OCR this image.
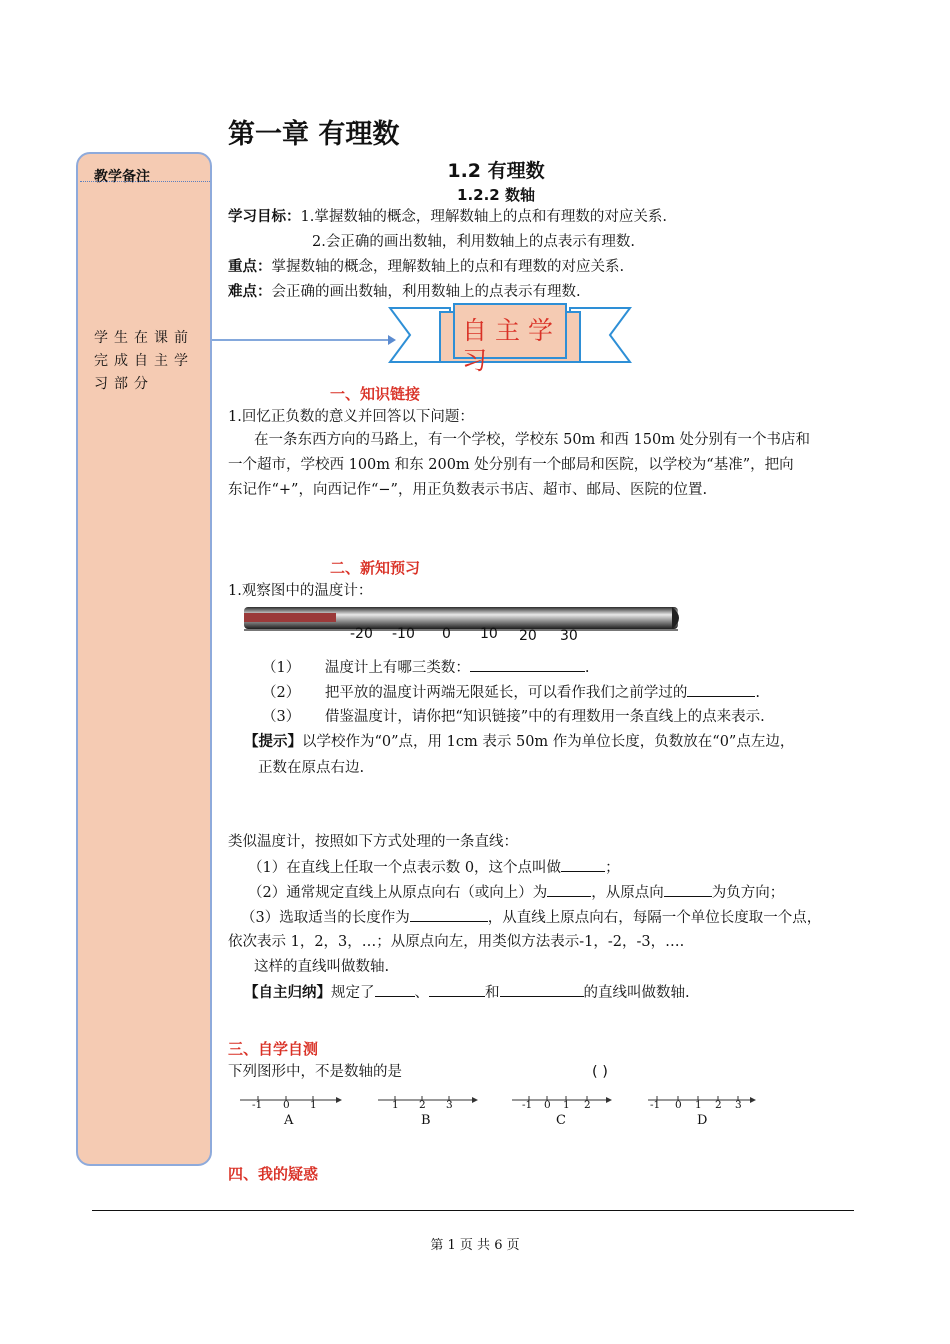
第一章 有理数
1.2 有理数
1.2.2 数轴
教学备注
学生在课前完成自主学习部分
学习目标：1.掌握数轴的概念，理解数轴上的点和有理数的对应关系.
2.会正确的画出数轴，利用数轴上的点表示有理数.
重点：掌握数轴的概念，理解数轴上的点和有理数的对应关系.
难点：会正确的画出数轴，利用数轴上的点表示有理数.
自主学习
一、知识链接
1.回忆正负数的意义并回答以下问题：
在一条东西方向的马路上，有一个学校，学校东 50m 和西 150m 处分别有一个书店和
一个超市，学校西 100m 和东 200m 处分别有一个邮局和医院，以学校为“基准”，把向
东记作“+”，向西记作“−”，用正负数表示书店、超市、邮局、医院的位置.
二、新知预习
1.观察图中的温度计：
-20 -10 0 10 20 30
（1） 温度计上有哪三类数：	.
（2） 把平放的温度计两端无限延长，可以看作我们之前学过的	.
（3） 借鉴温度计，请你把“知识链接”中的有理数用一条直线上的点来表示.
【提示】以学校作为“0”点，用 1cm 表示 50m 作为单位长度，负数放在“0”点左边，
正数在原点右边.
类似温度计，按照如下方式处理的一条直线：
（1）在直线上任取一个点表示数 0，这个点叫做	；
（2）通常规定直线上从原点向右（或向上）为	，从原点向	为负方向；
（3）选取适当的长度作为	，从直线上原点向右，每隔一个单位长度取一个点，
依次表示 1，2，3，…；从原点向左，用类似方法表示-1，-2，-3，….
这样的直线叫做数轴.
【自主归纳】规定了	、	和	的直线叫做数轴.
三、自学自测
下列图形中，不是数轴的是	( )
-1 0 1
A
1 2 3
B
-1 0 1 2
C
-1 0 1 2 3
D
四、我的疑惑
第 1 页 共 6 页
